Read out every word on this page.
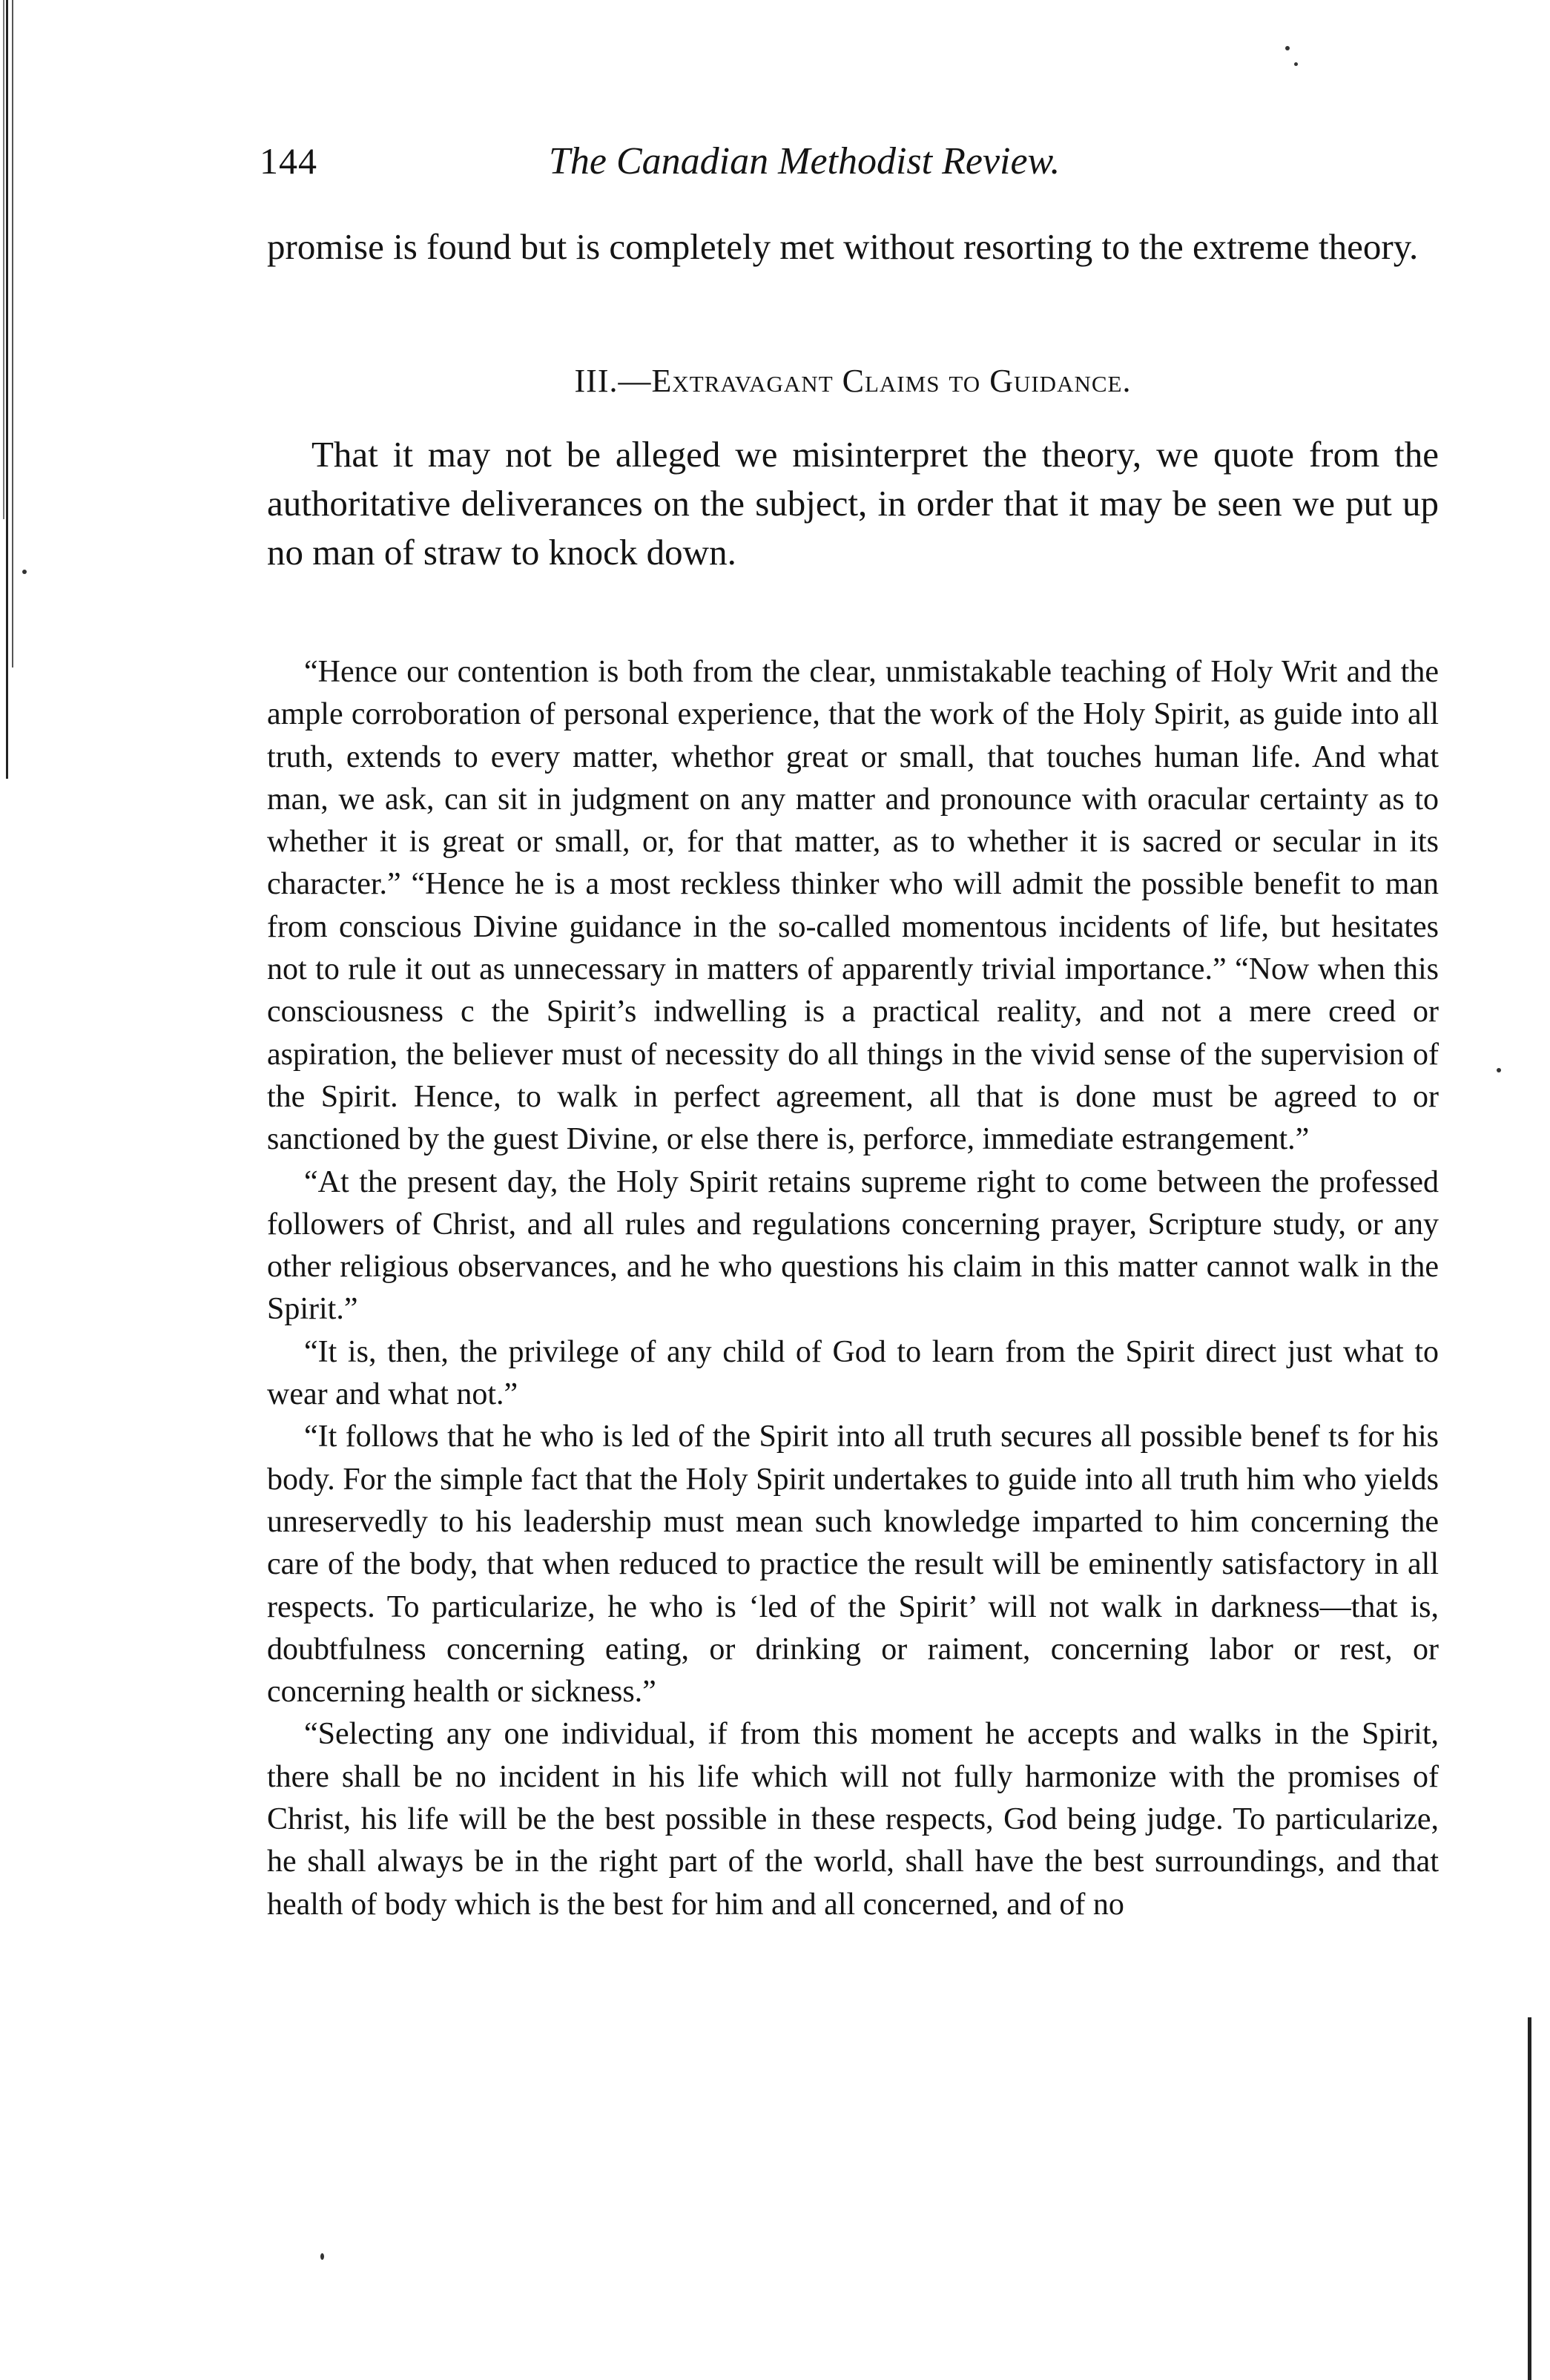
144	The Canadian Methodist Review.
promise is found but is completely met without resorting to the extreme theory.
III.—Extravagant Claims to Guidance.
That it may not be alleged we misinterpret the theory, we quote from the authoritative deliverances on the subject, in order that it may be seen we put up no man of straw to knock down.

“Hence our contention is both from the clear, unmistakable teaching of Holy Writ and the ample corroboration of personal experience, that the work of the Holy Spirit, as guide into all truth, extends to every matter, whethor great or small, that touches human life. And what man, we ask, can sit in judgment on any matter and pronounce with oracular certainty as to whether it is great or small, or, for that matter, as to whether it is sacred or secular in its character.” “Hence he is a most reckless thinker who will admit the possible benefit to man from conscious Divine guidance in the so-called momentous incidents of life, but hesitates not to rule it out as unnecessary in matters of apparently trivial importance.” “Now when this consciousness c the Spirit’s indwelling is a practical reality, and not a mere creed or aspiration, the believer must of necessity do all things in the vivid sense of the supervision of the Spirit. Hence, to walk in perfect agreement, all that is done must be agreed to or sanctioned by the guest Divine, or else there is, perforce, immediate estrangement.”

“At the present day, the Holy Spirit retains supreme right to come between the professed followers of Christ, and all rules and regulations concerning prayer, Scripture study, or any other religious observances, and he who questions his claim in this matter cannot walk in the Spirit.”

“It is, then, the privilege of any child of God to learn from the Spirit direct just what to wear and what not.”

“It follows that he who is led of the Spirit into all truth secures all possible benef ts for his body. For the simple fact that the Holy Spirit undertakes to guide into all truth him who yields unreservedly to his leadership must mean such knowledge imparted to him concerning the care of the body, that when reduced to practice the result will be eminently satisfactory in all respects. To particularize, he who is ‘led of the Spirit’ will not walk in darkness—that is, doubtfulness concerning eating, or drinking or raiment, concerning labor or rest, or concerning health or sickness.”

“Selecting any one individual, if from this moment he accepts and walks in the Spirit, there shall be no incident in his life which will not fully harmonize with the promises of Christ, his life will be the best possible in these respects, God being judge. To particularize, he shall always be in the right part of the world, shall have the best surroundings, and that health of body which is the best for him and all concerned, and of no
